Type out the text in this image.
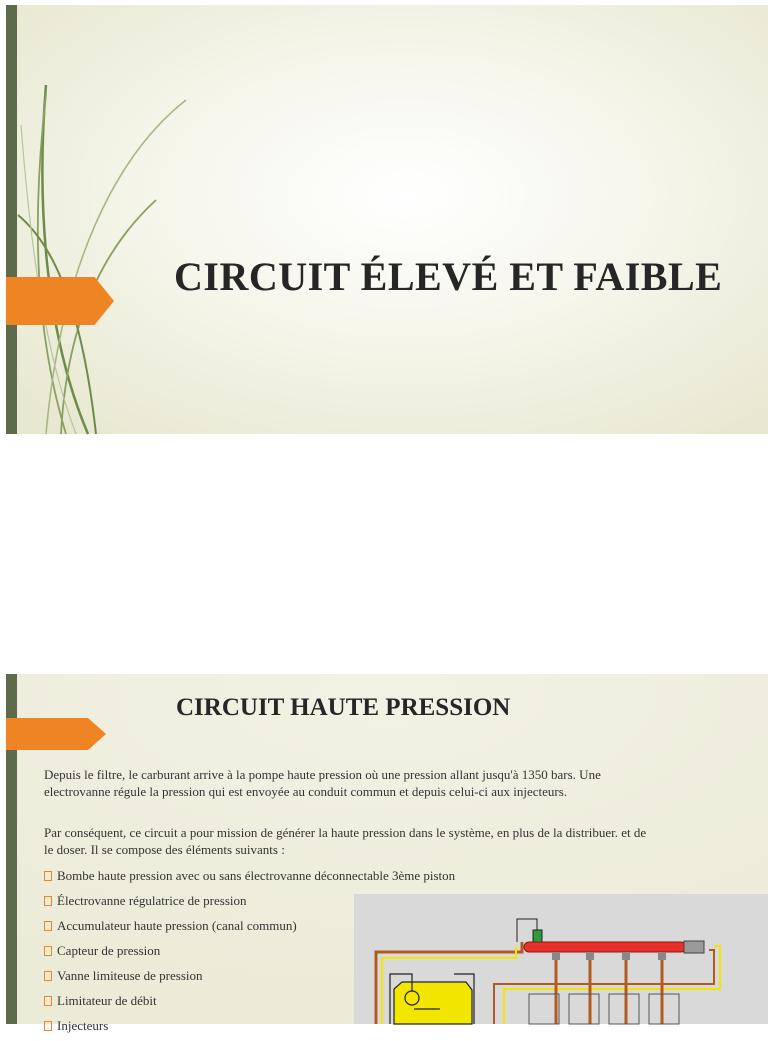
CIRCUIT ÉLEVÉ ET FAIBLE
CIRCUIT HAUTE PRESSION
Depuis le filtre, le carburant arrive à la pompe haute pression où une pression allant jusqu'à 1350 bars. Une electrovanne régule la pression qui est envoyée au conduit commun et depuis celui-ci aux injecteurs.
Par conséquent, ce circuit a pour mission de générer la haute pression dans le système, en plus de la distribuer. et de le doser. Il se compose des éléments suivants :
Bombe haute pression avec ou sans électrovanne déconnectable 3ème piston
Électrovanne régulatrice de pression
Accumulateur haute pression (canal commun)
Capteur de pression
Vanne limiteuse de pression
Limitateur de débit
Injecteurs
